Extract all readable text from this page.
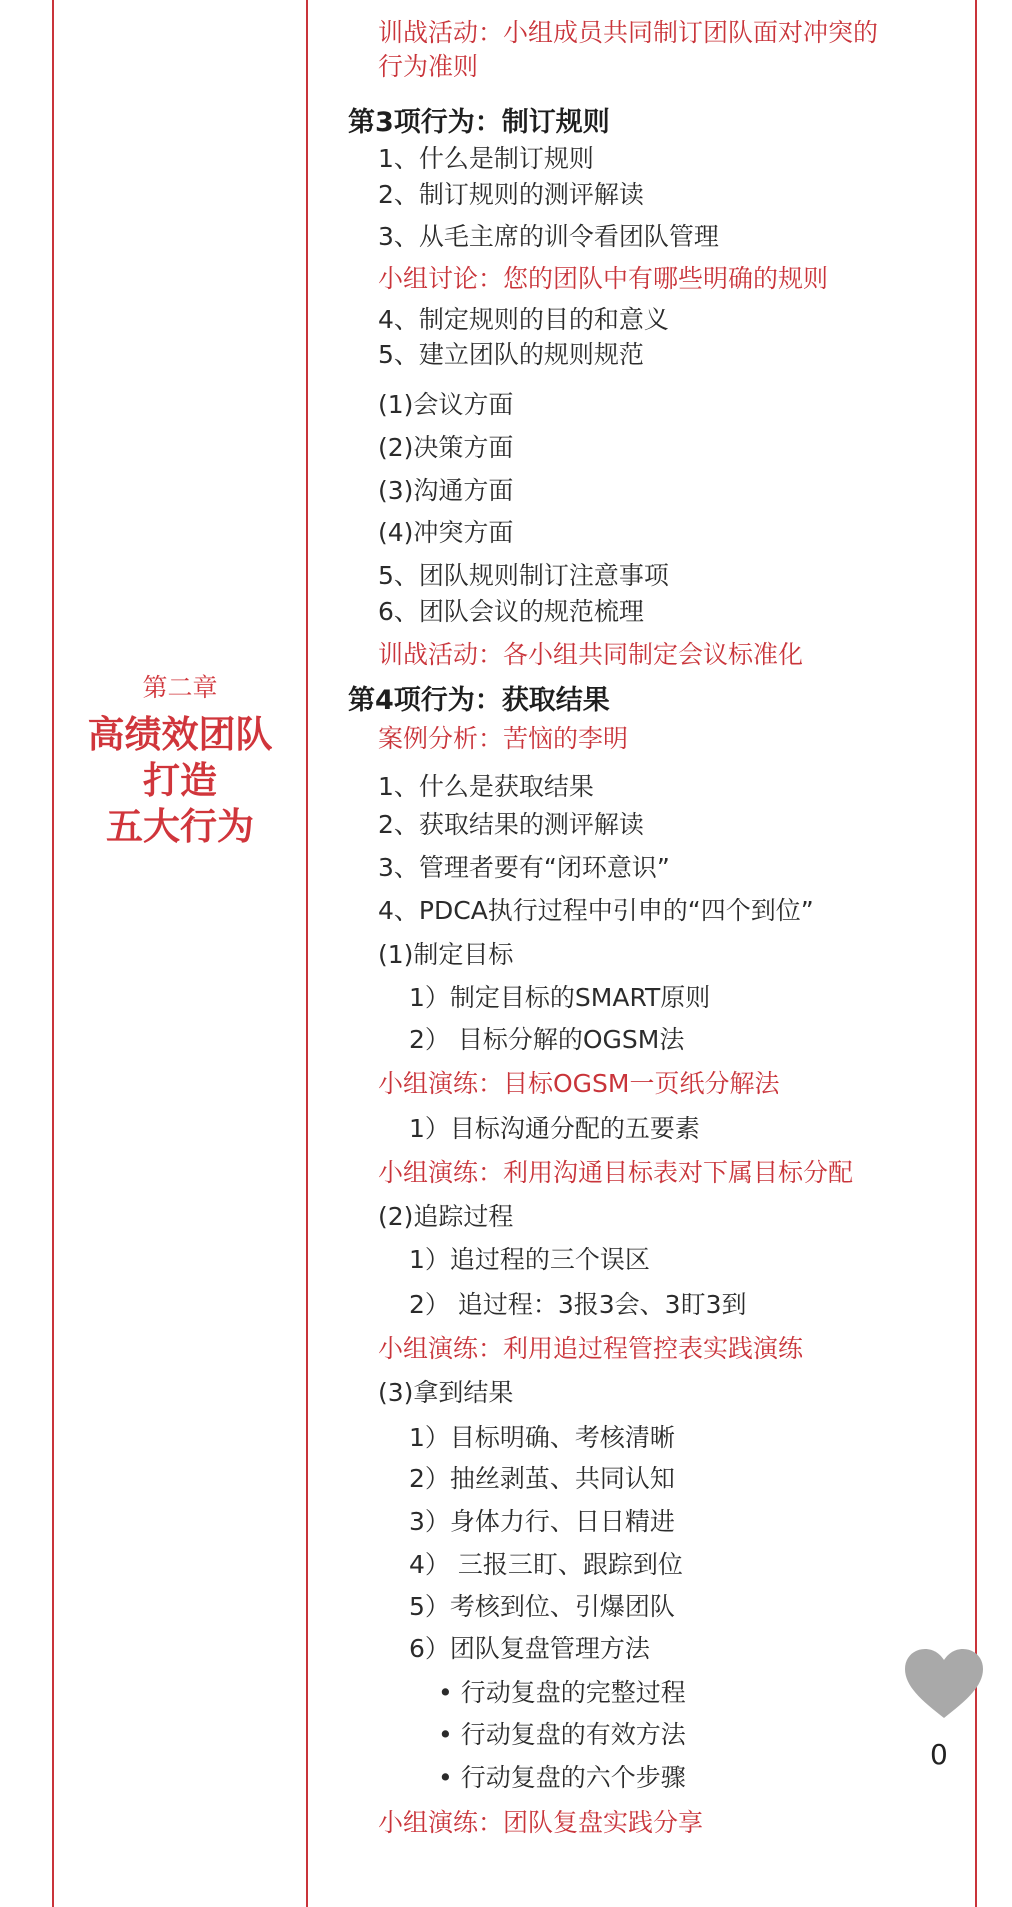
第二章
高绩效团队
打造
五大行为
训战活动：小组成员共同制订团队面对冲突的
行为准则
第3项行为：制订规则
1、什么是制订规则
2、制订规则的测评解读
3、从毛主席的训令看团队管理
小组讨论：您的团队中有哪些明确的规则
4、制定规则的目的和意义
5、建立团队的规则规范
(1)会议方面
(2)决策方面
(3)沟通方面
(4)冲突方面
5、团队规则制订注意事项
6、团队会议的规范梳理
训战活动：各小组共同制定会议标准化
第4项行为：获取结果
案例分析：苦恼的李明
1、什么是获取结果
2、获取结果的测评解读
3、管理者要有“闭环意识”
4、PDCA执行过程中引申的“四个到位”
(1)制定目标
1）制定目标的SMART原则
2） 目标分解的OGSM法
小组演练：目标OGSM一页纸分解法
1）目标沟通分配的五要素
小组演练：利用沟通目标表对下属目标分配
(2)追踪过程
1）追过程的三个误区
2） 追过程：3报3会、3盯3到
小组演练：利用追过程管控表实践演练
(3)拿到结果
1）目标明确、考核清晰
2）抽丝剥茧、共同认知
3）身体力行、日日精进
4） 三报三盯、跟踪到位
5）考核到位、引爆团队
6）团队复盘管理方法
• 行动复盘的完整过程
• 行动复盘的有效方法
• 行动复盘的六个步骤
小组演练：团队复盘实践分享
0
